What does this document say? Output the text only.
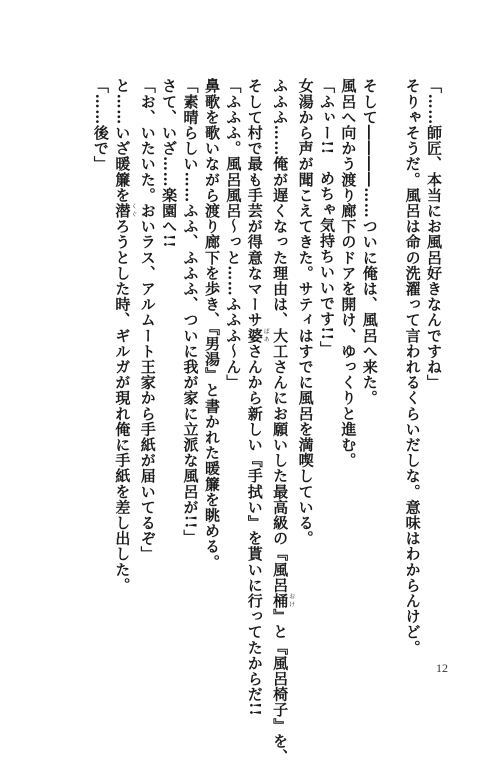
「……師匠、本当にお風呂好きなんですね」
そりゃそうだ。風呂は命の洗濯って言われるくらいだしな。意味はわからんけど。
そして――――……ついに俺は、風呂へ来た。
風呂へ向かう渡り廊下のドアを開け、ゆっくりと進む。
「ふぃー!!　めちゃ気持ちいいです!!」
女湯から声が聞こえてきた。サティはすでに風呂を満喫している。
ふふふ……俺が遅くなった理由は、大工さんにお願いした最高級の『風呂桶おけ』と『風呂椅子』を、
そして村で最も手芸が得意なマーサ婆ばあさんから新しい『手拭い』を貰いに行ってたからだ!!
「ふふふ。風呂風呂～っと……ふふふ～ん」
鼻歌を歌いながら渡り廊下を歩き、『男湯』と書かれた暖簾を眺める。
「素晴らしい……ふふ、ふふふ、ついに我が家に立派な風呂が!!」
さて、いざ……楽園へ!!
「お、いたいた。おいラス、アルムート王家から手紙が届いてるぞ」
と……いざ暖簾を潜くぐろうとした時、ギルガが現れ俺に手紙を差し出した。
「……後で」
12
